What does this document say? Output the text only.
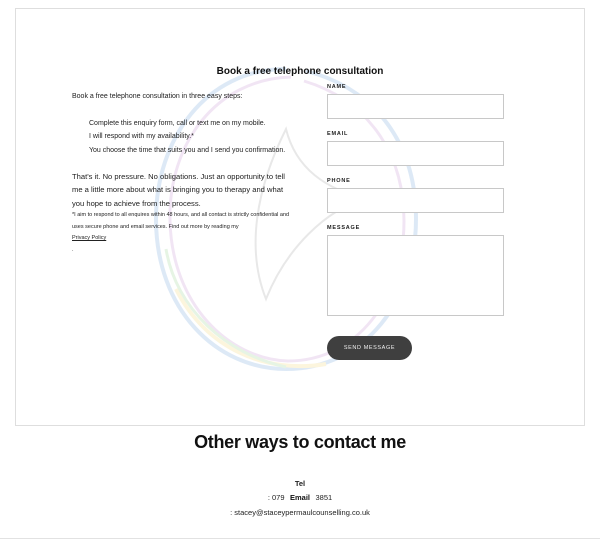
Book a free telephone consultation

Book a free telephone consultation in three easy steps:

Complete this enquiry form, call or text me on my mobile.

I will respond with my availability.*

You choose the time that suits you and I send you confirmation.

That's it. No pressure. No obligations. Just an opportunity to tell me a little more about what is bringing you to therapy and what you hope to achieve from the process.

*I aim to respond to all enquires within 48 hours, and all contact is strictly confidential and uses secure phone and email services. Find out more by reading my
Privacy Policy
.
NAME
EMAIL
PHONE
MESSAGE
SEND MESSAGE
Other ways to contact me
Tel
: 079	3851
Email
: stacey@staceypermaulcounselling.co.uk
